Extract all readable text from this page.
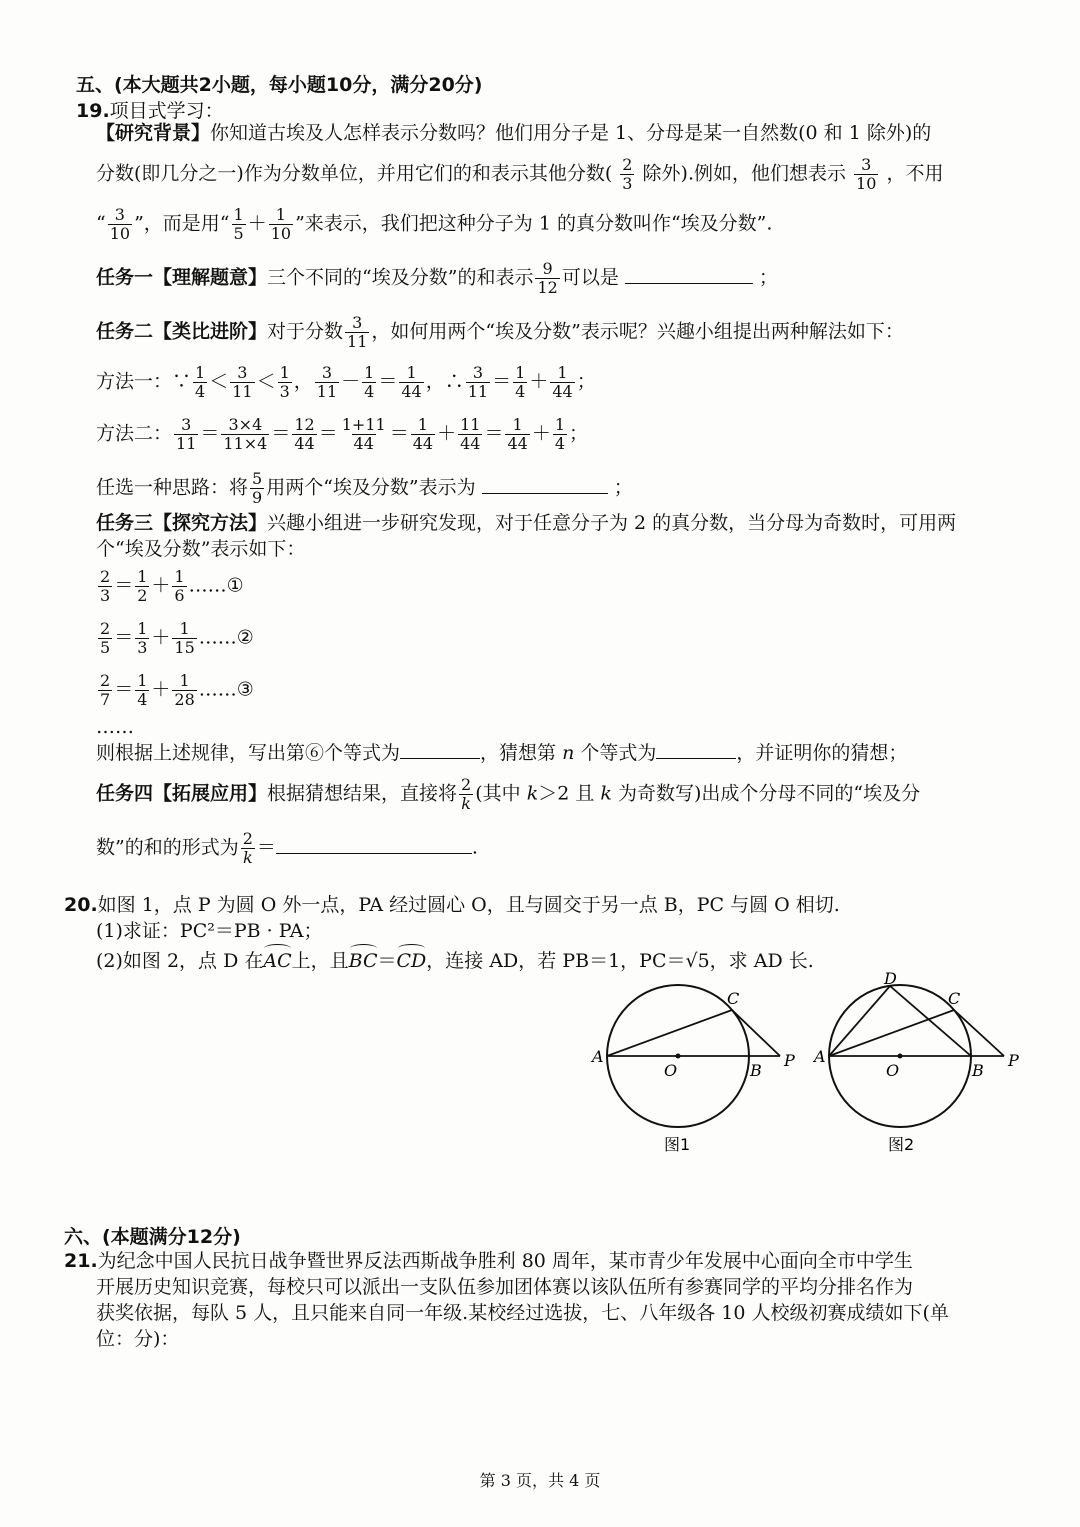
五、(本大题共2小题，每小题10分，满分20分)
19.项目式学习：
【研究背景】你知道古埃及人怎样表示分数吗？他们用分子是 1、分母是某一自然数(0 和 1 除外)的
分数(即几分之一)作为分数单位，并用它们的和表示其他分数( $\frac{2}{3}$ 除外).例如，他们想表示 $\frac{3}{10}$ ，不用
“ $\frac{3}{10}$ ”，而是用“ $\frac{1}{5} + \frac{1}{10}$ ”来表示，我们把这种分子为 1 的真分数叫作“埃及分数”.
任务一【理解题意】三个不同的“埃及分数”的和表示 $\frac{9}{12}$ 可以是	；
任务二【类比进阶】对于分数 $\frac{3}{11}$ ，如何用两个“埃及分数”表示呢？兴趣小组提出两种解法如下：
方法一：∵ $\frac{1}{4} < \frac{3}{11} < \frac{1}{3}$ ， $\frac{3}{11} - \frac{1}{4} = \frac{1}{44}$ ，∴ $\frac{3}{11} = \frac{1}{4} + \frac{1}{44}$ ；
方法二： $\frac{3}{11} = \frac{3\times 4}{11\times 4} = \frac{12}{44} = \frac{1+11}{44} = \frac{1}{44} + \frac{11}{44} = \frac{1}{44} + \frac{1}{4}$ ；
任选一种思路：将 $\frac{5}{9}$ 用两个“埃及分数”表示为	；
任务三【探究方法】兴趣小组进一步研究发现，对于任意分子为 2 的真分数，当分母为奇数时，可用两
个“埃及分数”表示如下：
$\frac{2}{3} = \frac{1}{2} + \frac{1}{6}$ ……①
$\frac{2}{5} = \frac{1}{3} + \frac{1}{15}$ ……②
$\frac{2}{7} = \frac{1}{4} + \frac{1}{28}$ ……③
……
则根据上述规律，写出第⑥个等式为	，猜想第 n 个等式为	，并证明你的猜想；
任务四【拓展应用】根据猜想结果，直接将 $\frac{2}{k}$ (其中 k＞2 且 k 为奇数写)出成个分母不同的“埃及分
数”的和的形式为 $\frac{2}{k}$ ＝	.
20.如图 1，点 P 为圆 O 外一点，PA 经过圆心 O，且与圆交于另一点 B，PC 与圆 O 相切.
(1)求证：PC²＝PB · PA；
(2)如图 2，点 D 在AC上，且BC＝CD，连接 AD，若 PB＝1，PC＝√5，求 AD 长.
A
O	B
C
P
图1
A
O	B
C
D
P
图2
六、(本题满分12分)
21.为纪念中国人民抗日战争暨世界反法西斯战争胜利 80 周年，某市青少年发展中心面向全市中学生
开展历史知识竞赛，每校只可以派出一支队伍参加团体赛以该队伍所有参赛同学的平均分排名作为
获奖依据，每队 5 人，且只能来自同一年级.某校经过选拔，七、八年级各 10 人校级初赛成绩如下(单
位：分)：
第 3 页，共 4 页
